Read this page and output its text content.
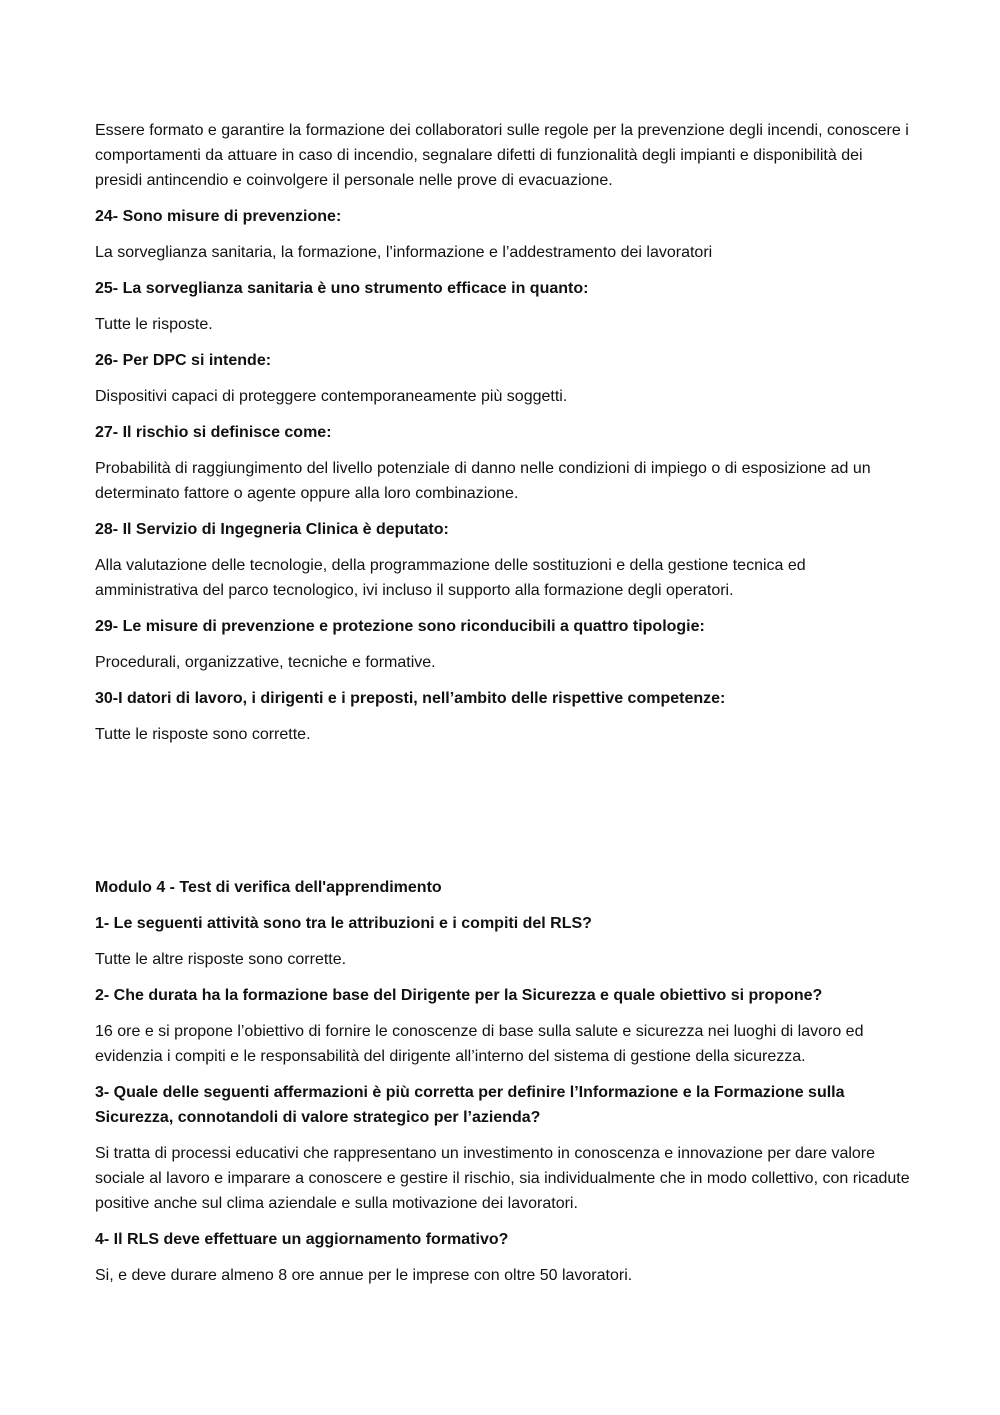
Essere formato e garantire la formazione dei collaboratori sulle regole per la prevenzione degli incendi, conoscere i comportamenti da attuare in caso di incendio, segnalare difetti di funzionalità degli impianti e disponibilità dei presidi antincendio e coinvolgere il personale nelle prove di evacuazione.

24- Sono misure di prevenzione:

La sorveglianza sanitaria, la formazione, l’informazione e l’addestramento dei lavoratori

25- La sorveglianza sanitaria è uno strumento efficace in quanto:

Tutte le risposte.

26- Per DPC si intende:

Dispositivi capaci di proteggere contemporaneamente più soggetti.

27- Il rischio si definisce come:

Probabilità di raggiungimento del livello potenziale di danno nelle condizioni di impiego o di esposizione ad un determinato fattore o agente oppure alla loro combinazione.

28- Il Servizio di Ingegneria Clinica è deputato:

Alla valutazione delle tecnologie, della programmazione delle sostituzioni e della gestione tecnica ed amministrativa del parco tecnologico, ivi incluso il supporto alla formazione degli operatori.

29- Le misure di prevenzione e protezione sono riconducibili a quattro tipologie:

Procedurali, organizzative, tecniche e formative.

30-I datori di lavoro, i dirigenti e i preposti, nell’ambito delle rispettive competenze:

Tutte le risposte sono corrette.

Modulo 4 - Test di verifica dell'apprendimento

1- Le seguenti attività sono tra le attribuzioni e i compiti del RLS?

Tutte le altre risposte sono corrette.

2- Che durata ha la formazione base del Dirigente per la Sicurezza e quale obiettivo si propone?

16 ore e si propone l’obiettivo di fornire le conoscenze di base sulla salute e sicurezza nei luoghi di lavoro ed evidenzia i compiti e le responsabilità del dirigente all’interno del sistema di gestione della sicurezza.

3- Quale delle seguenti affermazioni è più corretta per definire l’Informazione e la Formazione sulla Sicurezza, connotandoli di valore strategico per l’azienda?

Si tratta di processi educativi che rappresentano un investimento in conoscenza e innovazione per dare valore sociale al lavoro e imparare a conoscere e gestire il rischio, sia individualmente che in modo collettivo, con ricadute positive anche sul clima aziendale e sulla motivazione dei lavoratori.

4- Il RLS deve effettuare un aggiornamento formativo?

Si, e deve durare almeno 8 ore annue per le imprese con oltre 50 lavoratori.
